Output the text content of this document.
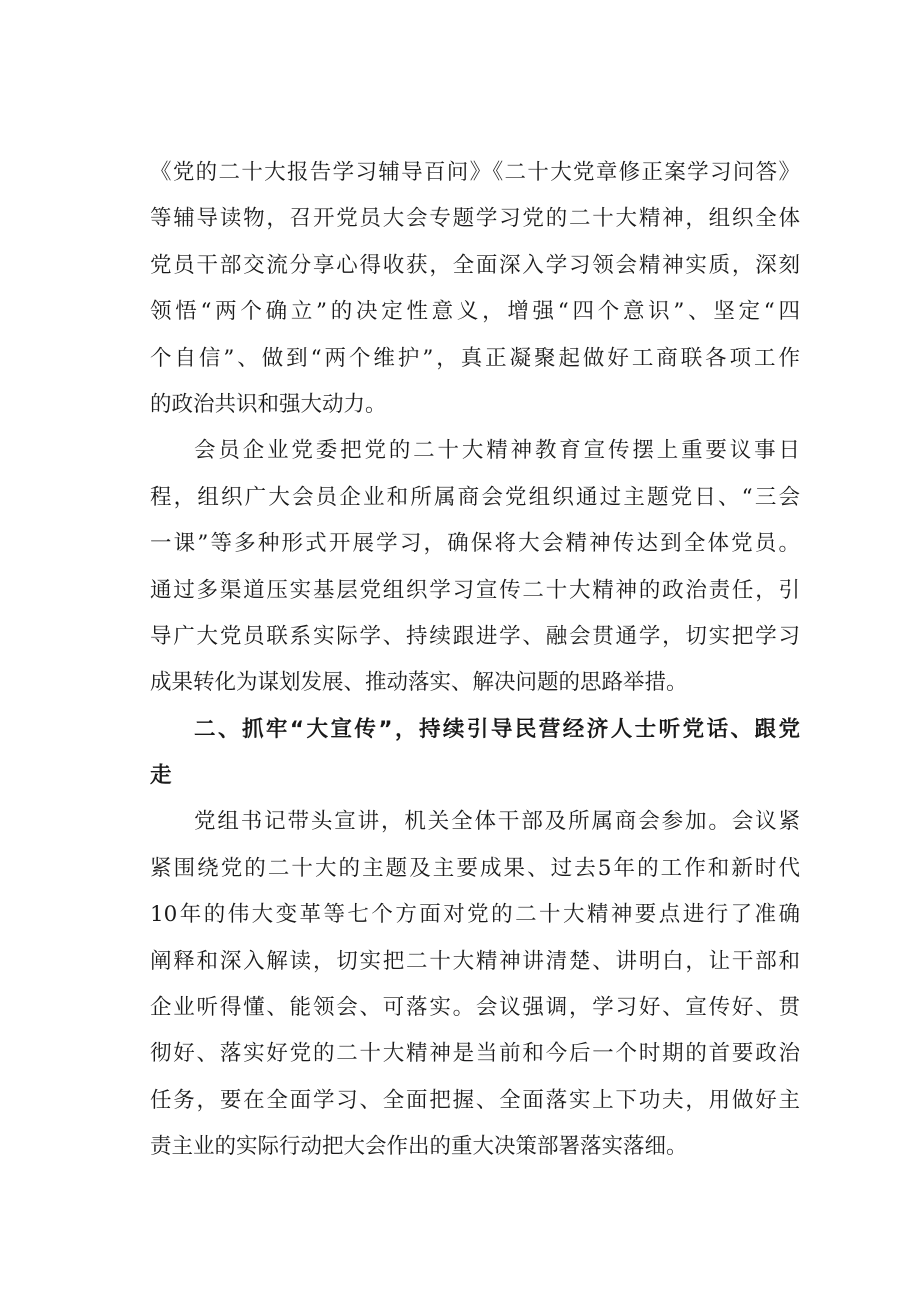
《党的二十大报告学习辅导百问》《二十大党章修正案学习问答》
等辅导读物，召开党员大会专题学习党的二十大精神，组织全体
党员干部交流分享心得收获，全面深入学习领会精神实质，深刻
领悟“两个确立”的决定性意义，增强“四个意识”、坚定“四
个自信”、做到“两个维护”，真正凝聚起做好工商联各项工作
的政治共识和强大动力。
会员企业党委把党的二十大精神教育宣传摆上重要议事日
程，组织广大会员企业和所属商会党组织通过主题党日、“三会
一课”等多种形式开展学习，确保将大会精神传达到全体党员。
通过多渠道压实基层党组织学习宣传二十大精神的政治责任，引
导广大党员联系实际学、持续跟进学、融会贯通学，切实把学习
成果转化为谋划发展、推动落实、解决问题的思路举措。
二、抓牢“大宣传”，持续引导民营经济人士听党话、跟党
走
党组书记带头宣讲，机关全体干部及所属商会参加。会议紧
紧围绕党的二十大的主题及主要成果、过去5年的工作和新时代
10年的伟大变革等七个方面对党的二十大精神要点进行了准确
阐释和深入解读，切实把二十大精神讲清楚、讲明白，让干部和
企业听得懂、能领会、可落实。会议强调，学习好、宣传好、贯
彻好、落实好党的二十大精神是当前和今后一个时期的首要政治
任务，要在全面学习、全面把握、全面落实上下功夫，用做好主
责主业的实际行动把大会作出的重大决策部署落实落细。
